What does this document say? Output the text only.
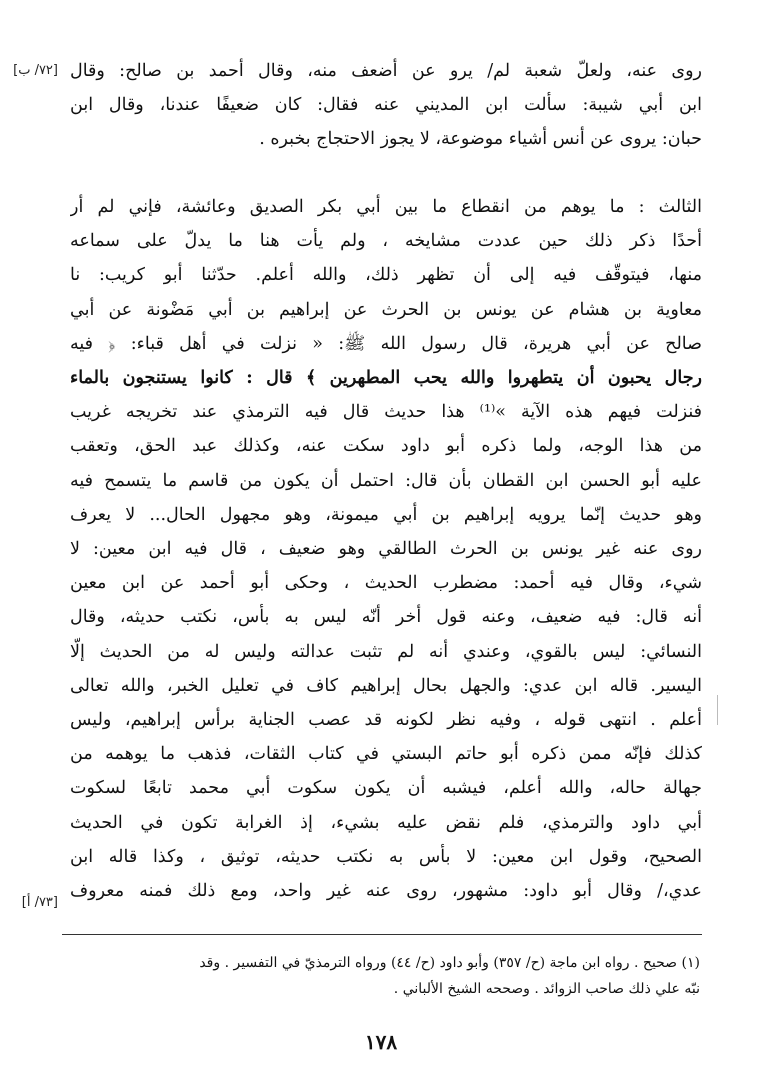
[٧٢/ ب] روى عنه، ولعلّ شعبة لم/ يرو عن أضعف منه، وقال أحمد بن صالح: وقال
ابن أبي شيبة: سألت ابن المديني عنه فقال: كان ضعيفًا عندنا، وقال ابن
حبان: يروى عن أنس أشياء موضوعة، لا يجوز الاحتجاج بخبره .
الثالث : ما يوهم من انقطاع ما بين أبي بكر الصديق وعائشة، فإني لم أر
أحدًا ذكر ذلك حين عددت مشايخه ، ولم يأت هنا ما يدلّ على سماعه
منها، فيتوقّف فيه إلى أن تظهر ذلك، والله أعلم. حدّثنا أبو كريب: نا
معاوية بن هشام عن يونس بن الحرث عن إبراهيم بن أبي مَضْونة عن أبي
صالح عن أبي هريرة، قال رسول الله ﷺ: « نزلت في أهل قباء: ﴿ فيه
رجال يحبون أن يتطهروا والله يحب المطهرين ﴾ قال : كانوا يستنجون بالماء
فنزلت فيهم هذه الآية »⁽¹⁾ هذا حديث قال فيه الترمذي عند تخريجه غريب
من هذا الوجه، ولما ذكره أبو داود سكت عنه، وكذلك عبد الحق، وتعقب
عليه أبو الحسن ابن القطان بأن قال: احتمل أن يكون من قاسم ما يتسمح فيه
وهو حديث إنّما يرويه إبراهيم بن أبي ميمونة، وهو مجهول الحال... لا يعرف
روى عنه غير يونس بن الحرث الطالقي وهو ضعيف ، قال فيه ابن معين: لا
شيء، وقال فيه أحمد: مضطرب الحديث ، وحكى أبو أحمد عن ابن معين
أنه قال: فيه ضعيف، وعنه قول أخر أنّه ليس به بأس، نكتب حديثه، وقال
النسائي: ليس بالقوي، وعندي أنه لم تثبت عدالته وليس له من الحديث إلّا
اليسير. قاله ابن عدي: والجهل بحال إبراهيم كاف في تعليل الخبر، والله تعالى
أعلم . انتهى قوله ، وفيه نظر لكونه قد عصب الجناية برأس إبراهيم، وليس
كذلك فإنّه ممن ذكره أبو حاتم البستي في كتاب الثقات، فذهب ما يوهمه من
جهالة حاله، والله أعلم، فيشبه أن يكون سكوت أبي محمد تابعًا لسكوت
أبي داود والترمذي، فلم نقض عليه بشيء، إذ الغرابة تكون في الحديث
الصحيح، وقول ابن معين: لا بأس به نكتب حديثه، توثيق ، وكذا قاله ابن
عدي،/ وقال أبو داود: مشهور، روى عنه غير واحد، ومع ذلك فمنه معروف
[٧٣/ أ]
(١) صحيح . رواه ابن ماجة (ح/ ٣٥٧) وأبو داود (ح/ ٤٤) ورواه الترمذيّ في التفسير . وقد
نبّه علي ذلك صاحب الزوائد . وصححه الشيخ الألباني .
١٧٨
